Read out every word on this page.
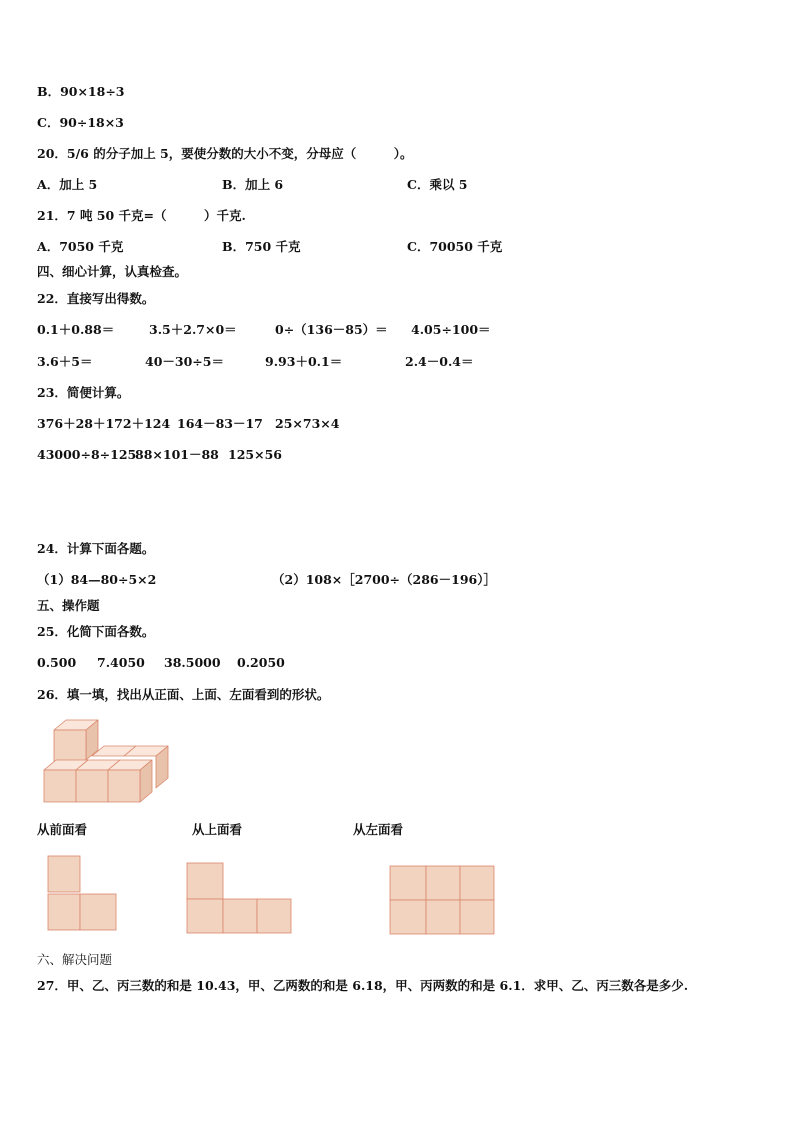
B．90×18÷3
C．90÷18×3
20．5/6 的分子加上 5，要使分数的大小不变，分母应（　　　）。
A．加上 5	B．加上 6	C．乘以 5
21．7 吨 50 千克=（　　　）千克.
A．7050 千克	B．750 千克	C．70050 千克
四、细心计算，认真检查。
22．直接写出得数。
0.1＋0.88＝	3.5＋2.7×0＝	0÷（136－85）＝ 4.05÷100＝
3.6＋5＝	40－30÷5＝	9.93＋0.1＝	2.4－0.4＝
23．简便计算。
376＋28＋172＋124 164－83－17 25×73×4
43000÷8÷125
88×101－88 125×56
24．计算下面各题。
（1）84—80÷5×2	（2）108×［2700÷（286－196）］
五、操作题
25．化简下面各数。
0.500 7.4050 38.5000 0.2050
26．填一填，找出从正面、上面、左面看到的形状。
从前面看	从上面看	从左面看
六、解决问题
27．甲、乙、丙三数的和是 10.43，甲、乙两数的和是 6.18，甲、丙两数的和是 6.1．求甲、乙、丙三数各是多少.
